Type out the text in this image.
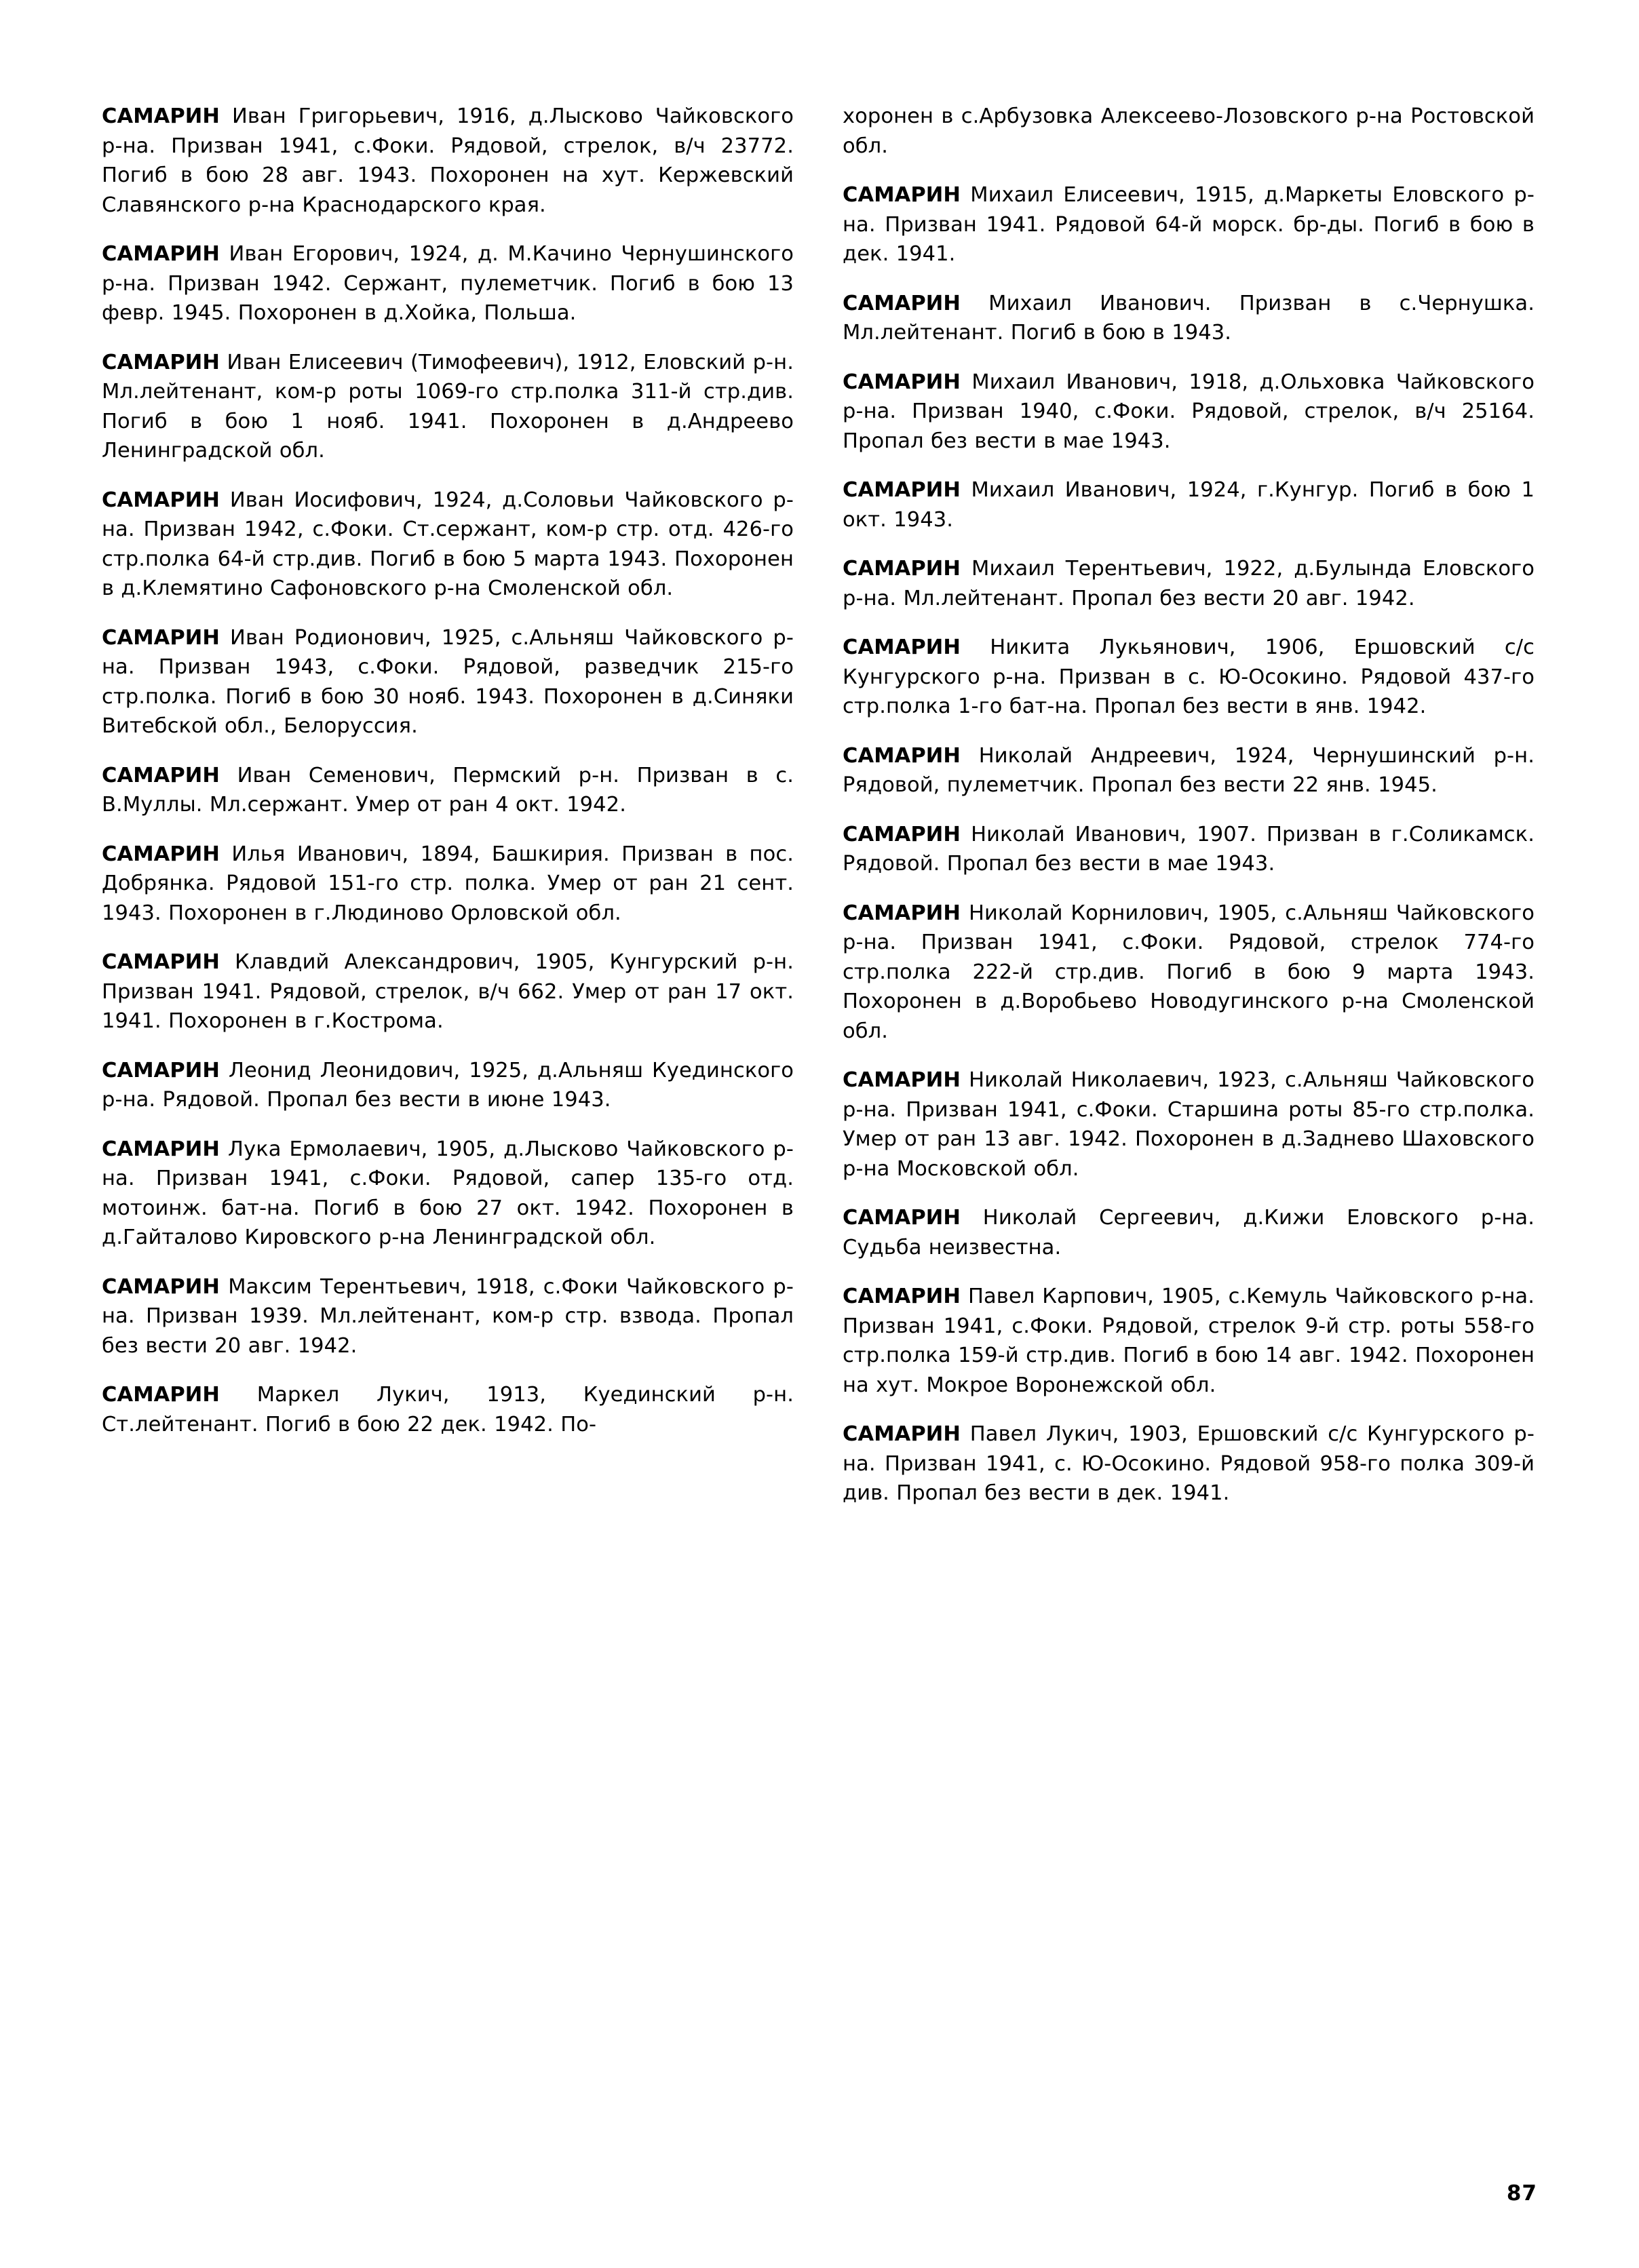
САМАРИН Иван Григорьевич, 1916, д.Лысково Чайковского р-на. Призван 1941, с.Фоки. Рядовой, стрелок, в/ч 23772. Погиб в бою 28 авг. 1943. Похоронен на хут. Кержевский Славянского р-на Краснодарского края.

САМАРИН Иван Егорович, 1924, д. М.Качино Чернушинского р-на. Призван 1942. Сержант, пулеметчик. Погиб в бою 13 февр. 1945. Похоронен в д.Хойка, Польша.

САМАРИН Иван Елисеевич (Тимофеевич), 1912, Еловский р-н. Мл.лейтенант, ком-р роты 1069-го стр.полка 311-й стр.див. Погиб в бою 1 нояб. 1941. Похоронен в д.Андреево Ленинградской обл.

САМАРИН Иван Иосифович, 1924, д.Соловьи Чайковского р-на. Призван 1942, с.Фоки. Ст.сержант, ком-р стр. отд. 426-го стр.полка 64-й стр.див. Погиб в бою 5 марта 1943. Похоронен в д.Клемятино Сафоновского р-на Смоленской обл.

САМАРИН Иван Родионович, 1925, с.Альняш Чайковского р-на. Призван 1943, с.Фоки. Рядовой, разведчик 215-го стр.полка. Погиб в бою 30 нояб. 1943. Похоронен в д.Синяки Витебской обл., Белоруссия.

САМАРИН Иван Семенович, Пермский р-н. Призван в с. В.Муллы. Мл.сержант. Умер от ран 4 окт. 1942.

САМАРИН Илья Иванович, 1894, Башкирия. Призван в пос. Добрянка. Рядовой 151-го стр. полка. Умер от ран 21 сент. 1943. Похоронен в г.Людиново Орловской обл.

САМАРИН Клавдий Александрович, 1905, Кунгурский р-н. Призван 1941. Рядовой, стрелок, в/ч 662. Умер от ран 17 окт. 1941. Похоронен в г.Кострома.

САМАРИН Леонид Леонидович, 1925, д.Альняш Куединского р-на. Рядовой. Пропал без вести в июне 1943.

САМАРИН Лука Ермолаевич, 1905, д.Лысково Чайковского р-на. Призван 1941, с.Фоки. Рядовой, сапер 135-го отд. мотоинж. бат-на. Погиб в бою 27 окт. 1942. Похоронен в д.Гайталово Кировского р-на Ленинградской обл.

САМАРИН Максим Терентьевич, 1918, с.Фоки Чайковского р-на. Призван 1939. Мл.лейтенант, ком-р стр. взвода. Пропал без вести 20 авг. 1942.

САМАРИН Маркел Лукич, 1913, Куединский р-н. Ст.лейтенант. Погиб в бою 22 дек. 1942. По-

хоронен в с.Арбузовка Алексеево-Лозовского р-на Ростовской обл.

САМАРИН Михаил Елисеевич, 1915, д.Маркеты Еловского р-на. Призван 1941. Рядовой 64-й морск. бр-ды. Погиб в бою в дек. 1941.

САМАРИН Михаил Иванович. Призван в с.Чернушка. Мл.лейтенант. Погиб в бою в 1943.

САМАРИН Михаил Иванович, 1918, д.Ольховка Чайковского р-на. Призван 1940, с.Фоки. Рядовой, стрелок, в/ч 25164. Пропал без вести в мае 1943.

САМАРИН Михаил Иванович, 1924, г.Кунгур. Погиб в бою 1 окт. 1943.

САМАРИН Михаил Терентьевич, 1922, д.Булында Еловского р-на. Мл.лейтенант. Пропал без вести 20 авг. 1942.

САМАРИН Никита Лукьянович, 1906, Ершовский с/с Кунгурского р-на. Призван в с. Ю-Осокино. Рядовой 437-го стр.полка 1-го бат-на. Пропал без вести в янв. 1942.

САМАРИН Николай Андреевич, 1924, Чернушинский р-н. Рядовой, пулеметчик. Пропал без вести 22 янв. 1945.

САМАРИН Николай Иванович, 1907. Призван в г.Соликамск. Рядовой. Пропал без вести в мае 1943.

САМАРИН Николай Корнилович, 1905, с.Альняш Чайковского р-на. Призван 1941, с.Фоки. Рядовой, стрелок 774-го стр.полка 222-й стр.див. Погиб в бою 9 марта 1943. Похоронен в д.Воробьево Новодугинского р-на Смоленской обл.

САМАРИН Николай Николаевич, 1923, с.Альняш Чайковского р-на. Призван 1941, с.Фоки. Старшина роты 85-го стр.полка. Умер от ран 13 авг. 1942. Похоронен в д.Заднево Шаховского р-на Московской обл.

САМАРИН Николай Сергеевич, д.Кижи Еловского р-на. Судьба неизвестна.

САМАРИН Павел Карпович, 1905, с.Кемуль Чайковского р-на. Призван 1941, с.Фоки. Рядовой, стрелок 9-й стр. роты 558-го стр.полка 159-й стр.див. Погиб в бою 14 авг. 1942. Похоронен на хут. Мокрое Воронежской обл.

САМАРИН Павел Лукич, 1903, Ершовский с/с Кунгурского р-на. Призван 1941, с. Ю-Осокино. Рядовой 958-го полка 309-й див. Пропал без вести в дек. 1941.

87
